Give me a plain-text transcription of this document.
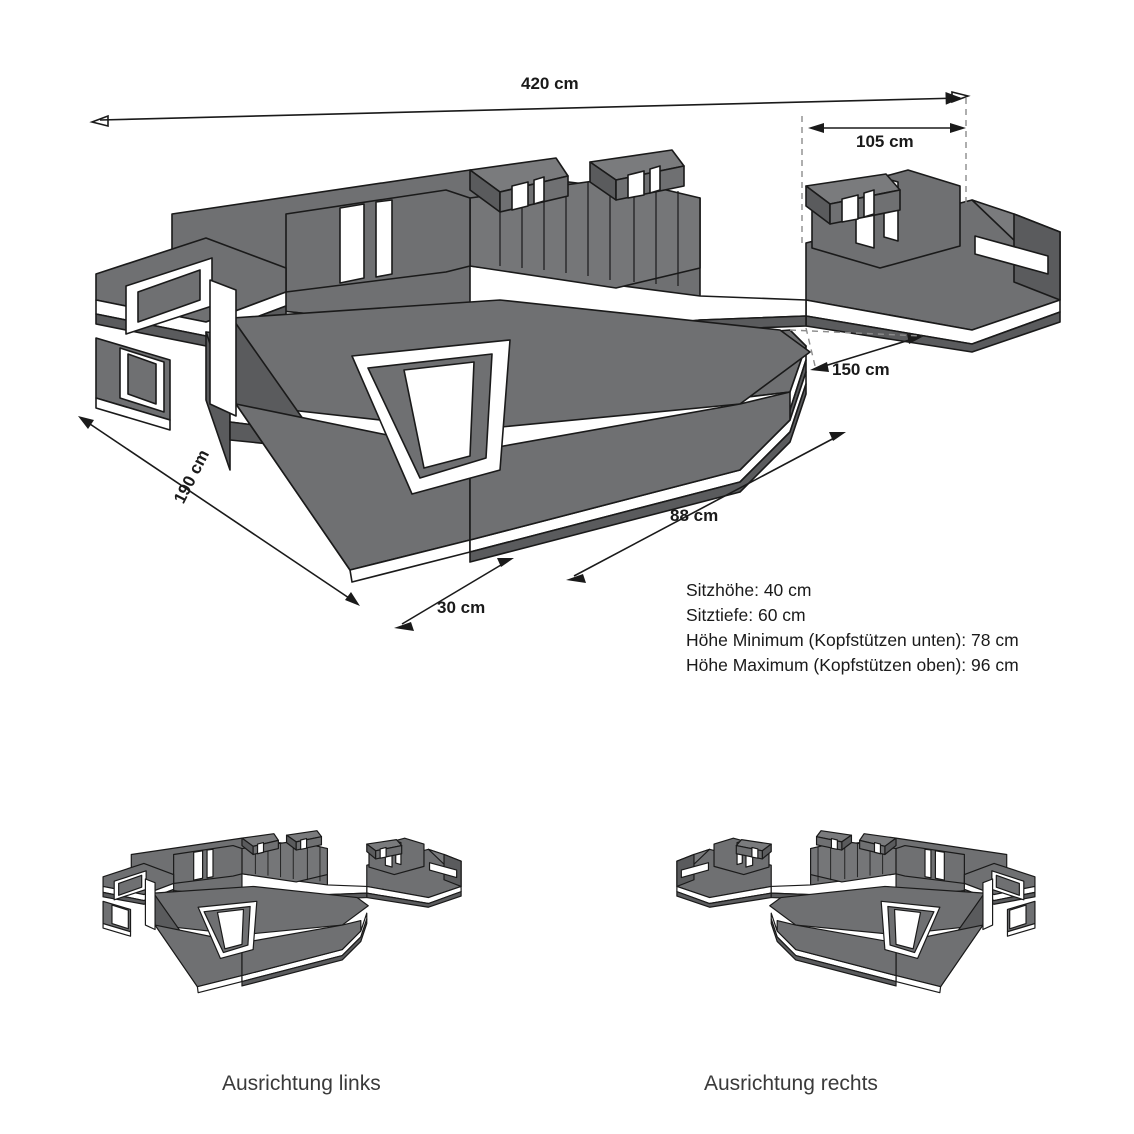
420 cm
105 cm
150 cm
88 cm
190 cm
30 cm
Sitzhöhe: 40 cm
Sitztiefe: 60 cm
Höhe Minimum (Kopfstützen unten): 78 cm
Höhe Maximum (Kopfstützen oben): 96 cm
Ausrichtung links	Ausrichtung rechts
